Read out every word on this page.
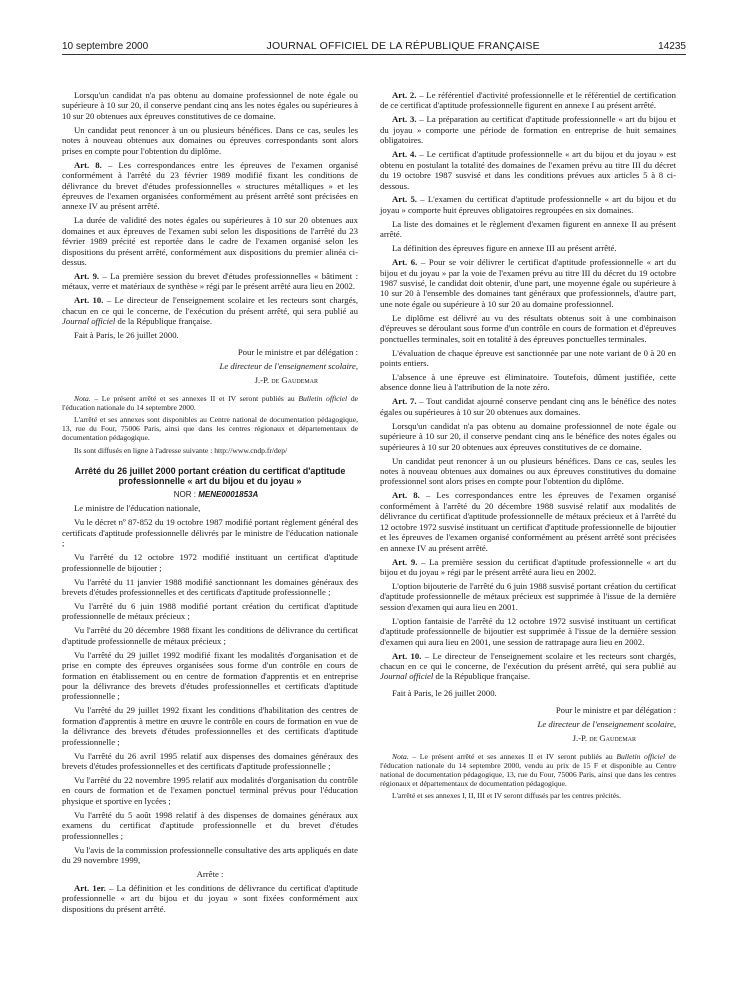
10 septembre 2000	JOURNAL OFFICIEL DE LA RÉPUBLIQUE FRANÇAISE	14235

Lorsqu'un candidat n'a pas obtenu au domaine professionnel de note égale ou supérieure à 10 sur 20, il conserve pendant cinq ans les notes égales ou supérieures à 10 sur 20 obtenues aux épreuves constitutives de ce domaine.

Un candidat peut renoncer à un ou plusieurs bénéfices. Dans ce cas, seules les notes à nouveau obtenues aux domaines ou épreuves correspondants sont alors prises en compte pour l'obtention du diplôme.

Art. 8. – Les correspondances entre les épreuves de l'examen organisé conformément à l'arrêté du 23 février 1989 modifié fixant les conditions de délivrance du brevet d'études professionnelles « structures métalliques » et les épreuves de l'examen organisées conformément au présent arrêté sont précisées en annexe IV au présent arrêté.

La durée de validité des notes égales ou supérieures à 10 sur 20 obtenues aux domaines et aux épreuves de l'examen subi selon les dispositions de l'arrêté du 23 février 1989 précité est reportée dans le cadre de l'examen organisé selon les dispositions du présent arrêté, conformément aux dispositions du premier alinéa ci-dessus.

Art. 9. – La première session du brevet d'études professionnelles « bâtiment : métaux, verre et matériaux de synthèse » régi par le présent arrêté aura lieu en 2002.

Art. 10. – Le directeur de l'enseignement scolaire et les recteurs sont chargés, chacun en ce qui le concerne, de l'exécution du présent arrêté, qui sera publié au Journal officiel de la République française.

Fait à Paris, le 26 juillet 2000.

Pour le ministre et par délégation :

Le directeur de l'enseignement scolaire,

J.-P. de Gaudemar

Nota. – Le présent arrêté et ses annexes II et IV seront publiés au Bulletin officiel de l'éducation nationale du 14 septembre 2000.

L'arrêté et ses annexes sont disponibles au Centre national de documentation pédagogique, 13, rue du Four, 75006 Paris, ainsi que dans les centres régionaux et départementaux de documentation pédagogique.

Ils sont diffusés en ligne à l'adresse suivante : http://www.cndp.fr/dep/

Arrêté du 26 juillet 2000 portant création du certificat d'aptitude professionnelle « art du bijou et du joyau »

NOR : MENE0001853A

Le ministre de l'éducation nationale,

Vu le décret nº 87-852 du 19 octobre 1987 modifié portant règlement général des certificats d'aptitude professionnelle délivrés par le ministre de l'éducation nationale ;

Vu l'arrêté du 12 octobre 1972 modifié instituant un certificat d'aptitude professionnelle de bijoutier ;

Vu l'arrêté du 11 janvier 1988 modifié sanctionnant les domaines généraux des brevets d'études professionnelles et des certificats d'aptitude professionnelle ;

Vu l'arrêté du 6 juin 1988 modifié portant création du certificat d'aptitude professionnelle de métaux précieux ;

Vu l'arrêté du 20 décembre 1988 fixant les conditions de délivrance du certificat d'aptitude professionnelle de métaux précieux ;

Vu l'arrêté du 29 juillet 1992 modifié fixant les modalités d'organisation et de prise en compte des épreuves organisées sous forme d'un contrôle en cours de formation en établissement ou en centre de formation d'apprentis et en entreprise pour la délivrance des brevets d'études professionnelles et certificats d'aptitude professionnelle ;

Vu l'arrêté du 29 juillet 1992 fixant les conditions d'habilitation des centres de formation d'apprentis à mettre en œuvre le contrôle en cours de formation en vue de la délivrance des brevets d'études professionnelles et des certificats d'aptitude professionnelle ;

Vu l'arrêté du 26 avril 1995 relatif aux dispenses des domaines généraux des brevets d'études professionnelles et des certificats d'aptitude professionnelle ;

Vu l'arrêté du 22 novembre 1995 relatif aux modalités d'organisation du contrôle en cours de formation et de l'examen ponctuel terminal prévus pour l'éducation physique et sportive en lycées ;

Vu l'arrêté du 5 août 1998 relatif à des dispenses de domaines généraux aux examens du certificat d'aptitude professionnelle et du brevet d'études professionnelles ;

Vu l'avis de la commission professionnelle consultative des arts appliqués en date du 29 novembre 1999,

Arrête :

Art. 1er. – La définition et les conditions de délivrance du certificat d'aptitude professionnelle « art du bijou et du joyau » sont fixées conformément aux dispositions du présent arrêté.

Art. 2. – Le référentiel d'activité professionnelle et le référentiel de certification de ce certificat d'aptitude professionnelle figurent en annexe I au présent arrêté.

Art. 3. – La préparation au certificat d'aptitude professionnelle « art du bijou et du joyau » comporte une période de formation en entreprise de huit semaines obligatoires.

Art. 4. – Le certificat d'aptitude professionnelle « art du bijou et du joyau » est obtenu en postulant la totalité des domaines de l'examen prévu au titre III du décret du 19 octobre 1987 susvisé et dans les conditions prévues aux articles 5 à 8 ci-dessous.

Art. 5. – L'examen du certificat d'aptitude professionnelle « art du bijou et du joyau » comporte huit épreuves obligatoires regroupées en six domaines.

La liste des domaines et le règlement d'examen figurent en annexe II au présent arrêté.

La définition des épreuves figure en annexe III au présent arrêté.

Art. 6. – Pour se voir délivrer le certificat d'aptitude professionnelle « art du bijou et du joyau » par la voie de l'examen prévu au titre III du décret du 19 octobre 1987 susvisé, le candidat doit obtenir, d'une part, une moyenne égale ou supérieure à 10 sur 20 à l'ensemble des domaines tant généraux que professionnels, d'autre part, une note égale ou supérieure à 10 sur 20 au domaine professionnel.

Le diplôme est délivré au vu des résultats obtenus soit à une combinaison d'épreuves se déroulant sous forme d'un contrôle en cours de formation et d'épreuves ponctuelles terminales, soit en totalité à des épreuves ponctuelles terminales.

L'évaluation de chaque épreuve est sanctionnée par une note variant de 0 à 20 en points entiers.

L'absence à une épreuve est éliminatoire. Toutefois, dûment justifiée, cette absence donne lieu à l'attribution de la note zéro.

Art. 7. – Tout candidat ajourné conserve pendant cinq ans le bénéfice des notes égales ou supérieures à 10 sur 20 obtenues aux domaines.

Lorsqu'un candidat n'a pas obtenu au domaine professionnel de note égale ou supérieure à 10 sur 20, il conserve pendant cinq ans le bénéfice des notes égales ou supérieures à 10 sur 20 obtenues aux épreuves constitutives de ce domaine.

Un candidat peut renoncer à un ou plusieurs bénéfices. Dans ce cas, seules les notes à nouveau obtenues aux domaines ou aux épreuves constitutives du domaine professionnel sont alors prises en compte pour l'obtention du diplôme.

Art. 8. – Les correspondances entre les épreuves de l'examen organisé conformément à l'arrêté du 20 décembre 1988 susvisé relatif aux modalités de délivrance du certificat d'aptitude professionnelle de métaux précieux et à l'arrêté du 12 octobre 1972 susvisé instituant un certificat d'aptitude professionnelle de bijoutier et les épreuves de l'examen organisé conformément au présent arrêté sont précisées en annexe IV au présent arrêté.

Art. 9. – La première session du certificat d'aptitude professionnelle « art du bijou et du joyau » régi par le présent arrêté aura lieu en 2002.

L'option bijouterie de l'arrêté du 6 juin 1988 susvisé portant création du certificat d'aptitude professionnelle de métaux précieux est supprimée à l'issue de la dernière session d'examen qui aura lieu en 2001.

L'option fantaisie de l'arrêté du 12 octobre 1972 susvisé instituant un certificat d'aptitude professionnelle de bijoutier est supprimée à l'issue de la dernière session d'examen qui aura lieu en 2001, une session de rattrapage aura lieu en 2002.

Art. 10. – Le directeur de l'enseignement scolaire et les recteurs sont chargés, chacun en ce qui le concerne, de l'exécution du présent arrêté, qui sera publié au Journal officiel de la République française.

Fait à Paris, le 26 juillet 2000.

Pour le ministre et par délégation :

Le directeur de l'enseignement scolaire,

J.-P. de Gaudemar

Nota. – Le présent arrêté et ses annexes II et IV seront publiés au Bulletin officiel de l'éducation nationale du 14 septembre 2000, vendu au prix de 15 F et disponible au Centre national de documentation pédagogique, 13, rue du Four, 75006 Paris, ainsi que dans les centres régionaux et départementaux de documentation pédagogique.

L'arrêté et ses annexes I, II, III et IV seront diffusés par les centres précités.
